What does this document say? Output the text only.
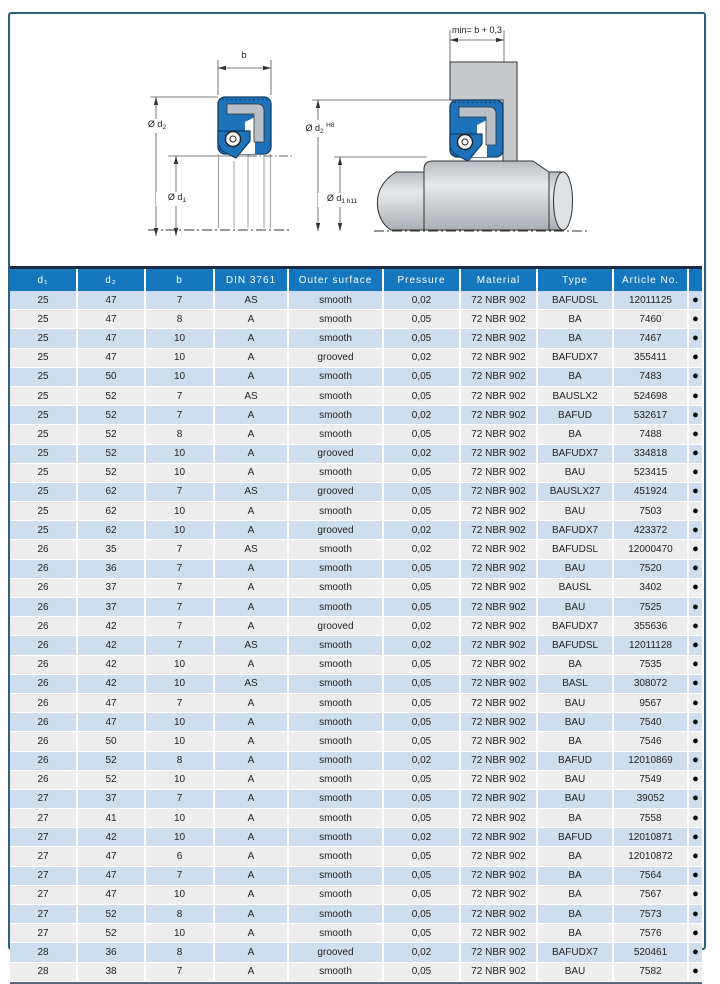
b
min= b + 0,3
Ø $d_2$
Ø $d_1$
Ø $d_2$ $^{H8}$
Ø $d_{1 h11}$
d₁	d₂	b	DIN 3761	Outer surface	Pressure	Material	Type	Article No.	
25	47	7	AS	smooth	0,02	72 NBR 902	BAFUDSL	12011125	●
25	47	8	A	smooth	0,05	72 NBR 902	BA	7460	●
25	47	10	A	smooth	0,05	72 NBR 902	BA	7467	●
25	47	10	A	grooved	0,02	72 NBR 902	BAFUDX7	355411	●
25	50	10	A	smooth	0,05	72 NBR 902	BA	7483	●
25	52	7	AS	smooth	0,05	72 NBR 902	BAUSLX2	524698	●
25	52	7	A	smooth	0,02	72 NBR 902	BAFUD	532617	●
25	52	8	A	smooth	0,05	72 NBR 902	BA	7488	●
25	52	10	A	grooved	0,02	72 NBR 902	BAFUDX7	334818	●
25	52	10	A	smooth	0,05	72 NBR 902	BAU	523415	●
25	62	7	AS	grooved	0,05	72 NBR 902	BAUSLX27	451924	●
25	62	10	A	smooth	0,05	72 NBR 902	BAU	7503	●
25	62	10	A	grooved	0,02	72 NBR 902	BAFUDX7	423372	●
26	35	7	AS	smooth	0,02	72 NBR 902	BAFUDSL	12000470	●
26	36	7	A	smooth	0,05	72 NBR 902	BAU	7520	●
26	37	7	A	smooth	0,05	72 NBR 902	BAUSL	3402	●
26	37	7	A	smooth	0,05	72 NBR 902	BAU	7525	●
26	42	7	A	grooved	0,02	72 NBR 902	BAFUDX7	355636	●
26	42	7	AS	smooth	0,02	72 NBR 902	BAFUDSL	12011128	●
26	42	10	A	smooth	0,05	72 NBR 902	BA	7535	●
26	42	10	AS	smooth	0,05	72 NBR 902	BASL	308072	●
26	47	7	A	smooth	0,05	72 NBR 902	BAU	9567	●
26	47	10	A	smooth	0,05	72 NBR 902	BAU	7540	●
26	50	10	A	smooth	0,05	72 NBR 902	BA	7546	●
26	52	8	A	smooth	0,02	72 NBR 902	BAFUD	12010869	●
26	52	10	A	smooth	0,05	72 NBR 902	BAU	7549	●
27	37	7	A	smooth	0,05	72 NBR 902	BAU	39052	●
27	41	10	A	smooth	0,05	72 NBR 902	BA	7558	●
27	42	10	A	smooth	0,02	72 NBR 902	BAFUD	12010871	●
27	47	6	A	smooth	0,05	72 NBR 902	BA	12010872	●
27	47	7	A	smooth	0,05	72 NBR 902	BA	7564	●
27	47	10	A	smooth	0,05	72 NBR 902	BA	7567	●
27	52	8	A	smooth	0,05	72 NBR 902	BA	7573	●
27	52	10	A	smooth	0,05	72 NBR 902	BA	7576	●
28	36	8	A	grooved	0,02	72 NBR 902	BAFUDX7	520461	●
28	38	7	A	smooth	0,05	72 NBR 902	BAU	7582	●
